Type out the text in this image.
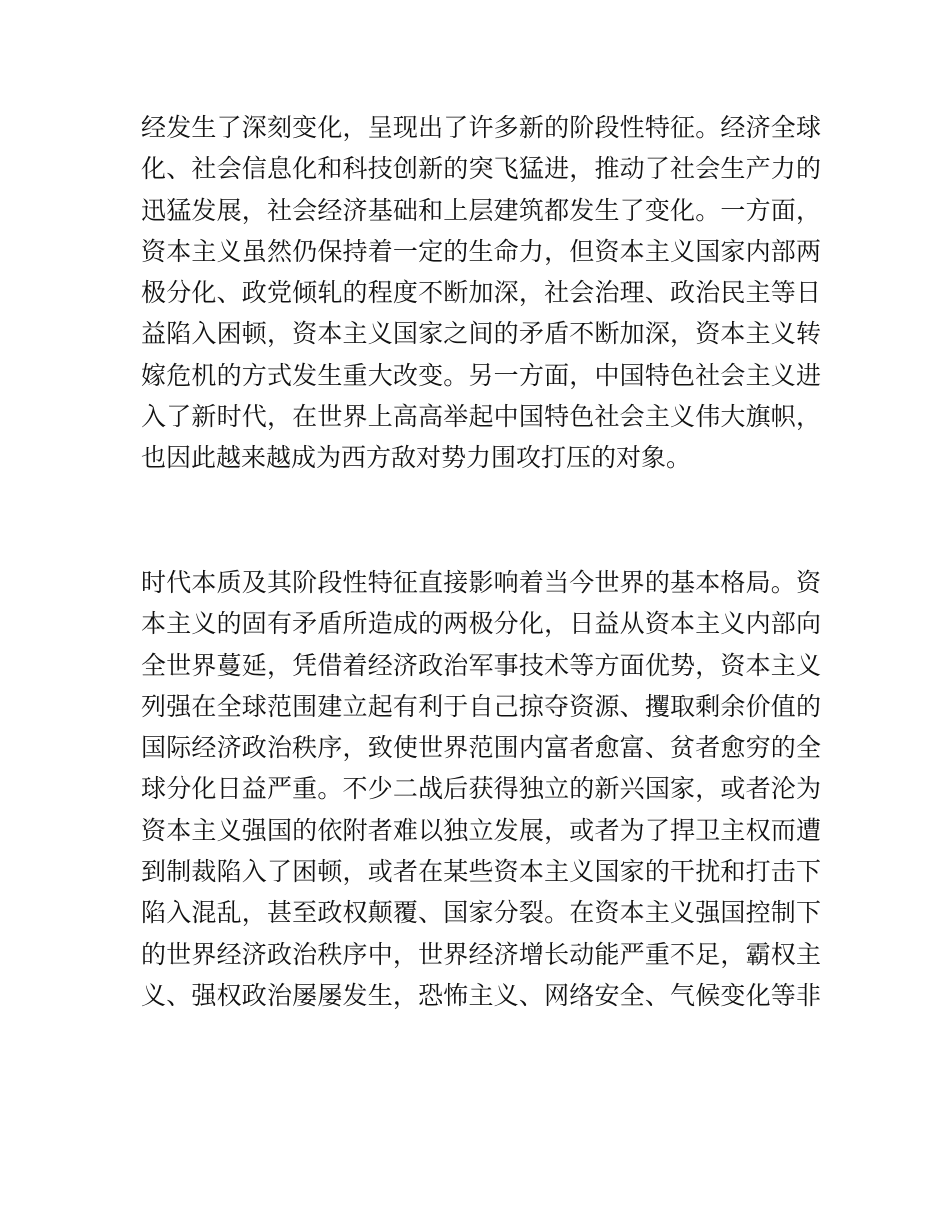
经发生了深刻变化，呈现出了许多新的阶段性特征。经济全球
化、社会信息化和科技创新的突飞猛进，推动了社会生产力的
迅猛发展，社会经济基础和上层建筑都发生了变化。一方面，
资本主义虽然仍保持着一定的生命力，但资本主义国家内部两
极分化、政党倾轧的程度不断加深，社会治理、政治民主等日
益陷入困顿，资本主义国家之间的矛盾不断加深，资本主义转
嫁危机的方式发生重大改变。另一方面，中国特色社会主义进
入了新时代，在世界上高高举起中国特色社会主义伟大旗帜，
也因此越来越成为西方敌对势力围攻打压的对象。
时代本质及其阶段性特征直接影响着当今世界的基本格局。资
本主义的固有矛盾所造成的两极分化，日益从资本主义内部向
全世界蔓延，凭借着经济政治军事技术等方面优势，资本主义
列强在全球范围建立起有利于自己掠夺资源、攫取剩余价值的
国际经济政治秩序，致使世界范围内富者愈富、贫者愈穷的全
球分化日益严重。不少二战后获得独立的新兴国家，或者沦为
资本主义强国的依附者难以独立发展，或者为了捍卫主权而遭
到制裁陷入了困顿，或者在某些资本主义国家的干扰和打击下
陷入混乱，甚至政权颠覆、国家分裂。在资本主义强国控制下
的世界经济政治秩序中，世界经济增长动能严重不足，霸权主
义、强权政治屡屡发生，恐怖主义、网络安全、气候变化等非
